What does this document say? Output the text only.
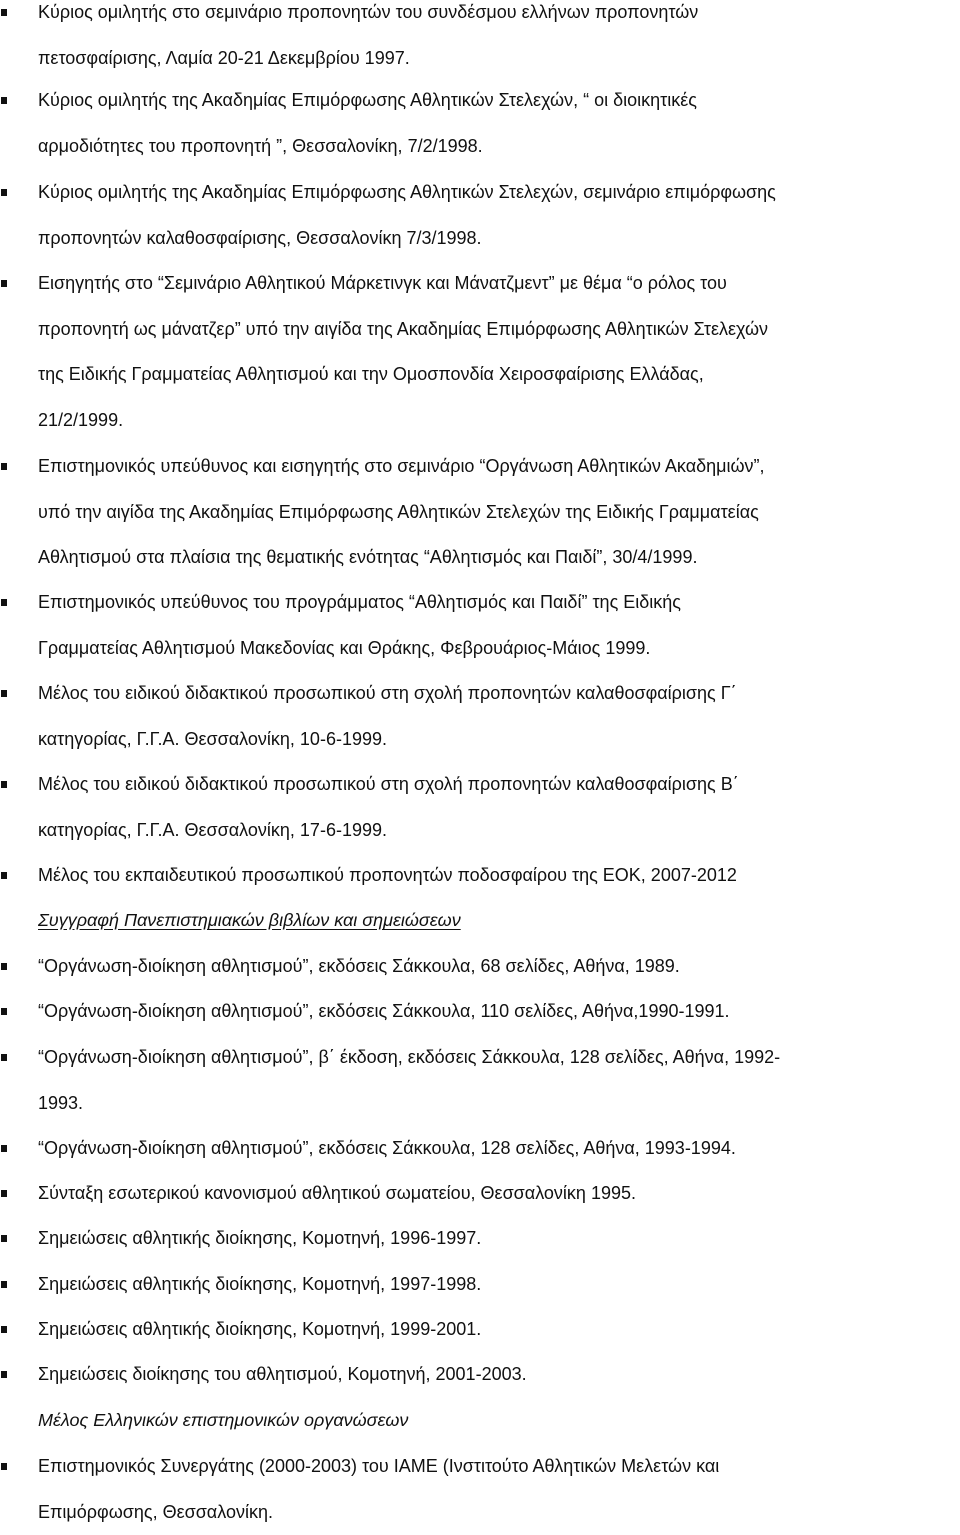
Κύριος ομιλητής στο σεμινάριο προπονητών του συνδέσμου ελλήνων προπονητών
πετοσφαίρισης, Λαμία 20-21 Δεκεμβρίου 1997.
Κύριος ομιλητής της Ακαδημίας Επιμόρφωσης Αθλητικών Στελεχών, “ οι διοικητικές
αρμοδιότητες του προπονητή ”, Θεσσαλονίκη, 7/2/1998.
Κύριος ομιλητής της Ακαδημίας Επιμόρφωσης Αθλητικών Στελεχών, σεμινάριο επιμόρφωσης
προπονητών καλαθοσφαίρισης, Θεσσαλονίκη 7/3/1998.
Εισηγητής στο “Σεμινάριο Αθλητικού Μάρκετινγκ και Μάνατζμεντ” με θέμα “ο ρόλος του
προπονητή ως μάνατζερ” υπό την αιγίδα της Ακαδημίας Επιμόρφωσης Αθλητικών Στελεχών
της Ειδικής Γραμματείας Αθλητισμού και την Ομοσπονδία Χειροσφαίρισης Ελλάδας,
21/2/1999.
Επιστημονικός υπεύθυνος και εισηγητής στο σεμινάριο “Οργάνωση Αθλητικών Ακαδημιών”,
υπό την αιγίδα της Ακαδημίας Επιμόρφωσης Αθλητικών Στελεχών της Ειδικής Γραμματείας
Αθλητισμού στα πλαίσια της θεματικής ενότητας “Αθλητισμός και Παιδί”, 30/4/1999.
Επιστημονικός υπεύθυνος του προγράμματος “Αθλητισμός και Παιδί” της Ειδικής
Γραμματείας Αθλητισμού Μακεδονίας και Θράκης, Φεβρουάριος-Μάιος 1999.
Μέλος του ειδικού διδακτικού προσωπικού στη σχολή προπονητών καλαθοσφαίρισης Γ΄
κατηγορίας, Γ.Γ.Α. Θεσσαλονίκη, 10-6-1999.
Μέλος του ειδικού διδακτικού προσωπικού στη σχολή προπονητών καλαθοσφαίρισης Β΄
κατηγορίας, Γ.Γ.Α. Θεσσαλονίκη, 17-6-1999.
Μέλος του εκπαιδευτικού προσωπικού προπονητών ποδοσφαίρου της ΕΟΚ, 2007-2012
Συγγραφή Πανεπιστημιακών βιβλίων και σημειώσεων
“Οργάνωση-διοίκηση αθλητισμού”, εκδόσεις Σάκκουλα, 68 σελίδες, Αθήνα, 1989.
“Οργάνωση-διοίκηση αθλητισμού”, εκδόσεις Σάκκουλα, 110 σελίδες, Αθήνα,1990-1991.
“Οργάνωση-διοίκηση αθλητισμού”, β΄ έκδοση, εκδόσεις Σάκκουλα, 128 σελίδες, Αθήνα, 1992-
1993.
“Οργάνωση-διοίκηση αθλητισμού”, εκδόσεις Σάκκουλα, 128 σελίδες, Αθήνα, 1993-1994.
Σύνταξη εσωτερικού κανονισμού αθλητικού σωματείου, Θεσσαλονίκη 1995.
Σημειώσεις αθλητικής διοίκησης, Κομοτηνή, 1996-1997.
Σημειώσεις αθλητικής διοίκησης, Κομοτηνή, 1997-1998.
Σημειώσεις αθλητικής διοίκησης, Κομοτηνή, 1999-2001.
Σημειώσεις διοίκησης του αθλητισμού, Κομοτηνή, 2001-2003.
Μέλος Ελληνικών επιστημονικών οργανώσεων
Επιστημονικός Συνεργάτης (2000-2003) του ΙΑΜΕ (Ινστιτούτο Αθλητικών Μελετών και
Επιμόρφωσης, Θεσσαλονίκη.
